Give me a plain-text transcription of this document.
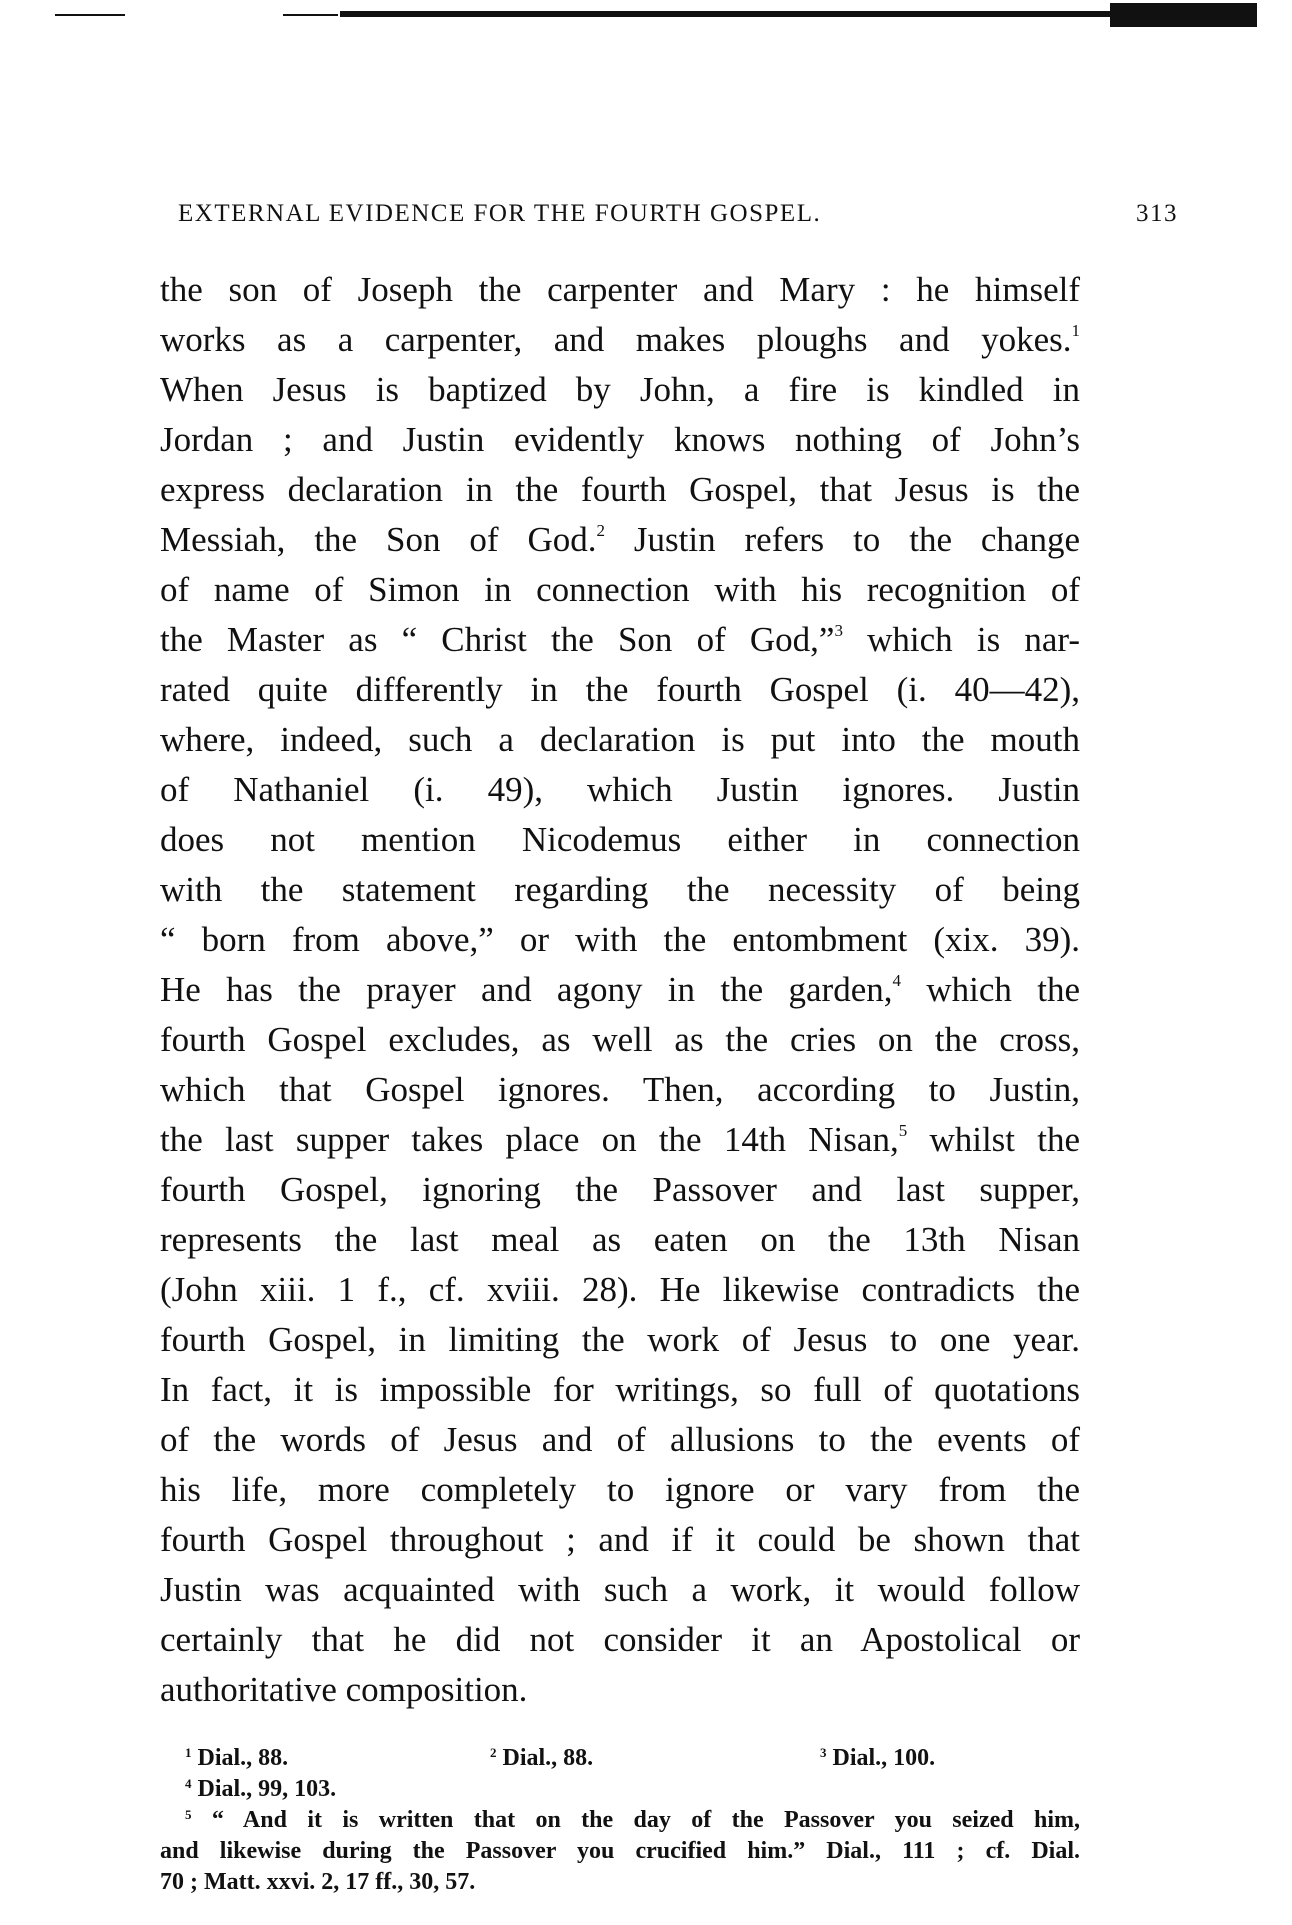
EXTERNAL EVIDENCE FOR THE FOURTH GOSPEL.	313
the son of Joseph the carpenter and Mary : he himself
works as a carpenter, and makes ploughs and yokes.$^1$
When Jesus is baptized by John, a fire is kindled in
Jordan ; and Justin evidently knows nothing of John’s
express declaration in the fourth Gospel, that Jesus is the
Messiah, the Son of God.$^2$ Justin refers to the change
of name of Simon in connection with his recognition of
the Master as “ Christ the Son of God,”$^3$ which is nar-
rated quite differently in the fourth Gospel (i. 40—42),
where, indeed, such a declaration is put into the mouth
of Nathaniel (i. 49), which Justin ignores. Justin
does not mention Nicodemus either in connection
with the statement regarding the necessity of being
“ born from above,” or with the entombment (xix. 39).
He has the prayer and agony in the garden,$^4$ which the
fourth Gospel excludes, as well as the cries on the cross,
which that Gospel ignores. Then, according to Justin,
the last supper takes place on the 14th Nisan,$^5$ whilst the
fourth Gospel, ignoring the Passover and last supper,
represents the last meal as eaten on the 13th Nisan
(John xiii. 1 f., cf. xviii. 28). He likewise contradicts the
fourth Gospel, in limiting the work of Jesus to one year.
In fact, it is impossible for writings, so full of quotations
of the words of Jesus and of allusions to the events of
his life, more completely to ignore or vary from the
fourth Gospel throughout ; and if it could be shown that
Justin was acquainted with such a work, it would follow
certainly that he did not consider it an Apostolical or
authoritative composition.
$^1$ Dial., 88.	$^2$ Dial., 88.	$^3$ Dial., 100.
$^4$ Dial., 99, 103.
$^5$ “ And it is written that on the day of the Passover you seized him,
and likewise during the Passover you crucified him.” Dial., 111 ; cf. Dial.
70 ; Matt. xxvi. 2, 17 ff., 30, 57.
